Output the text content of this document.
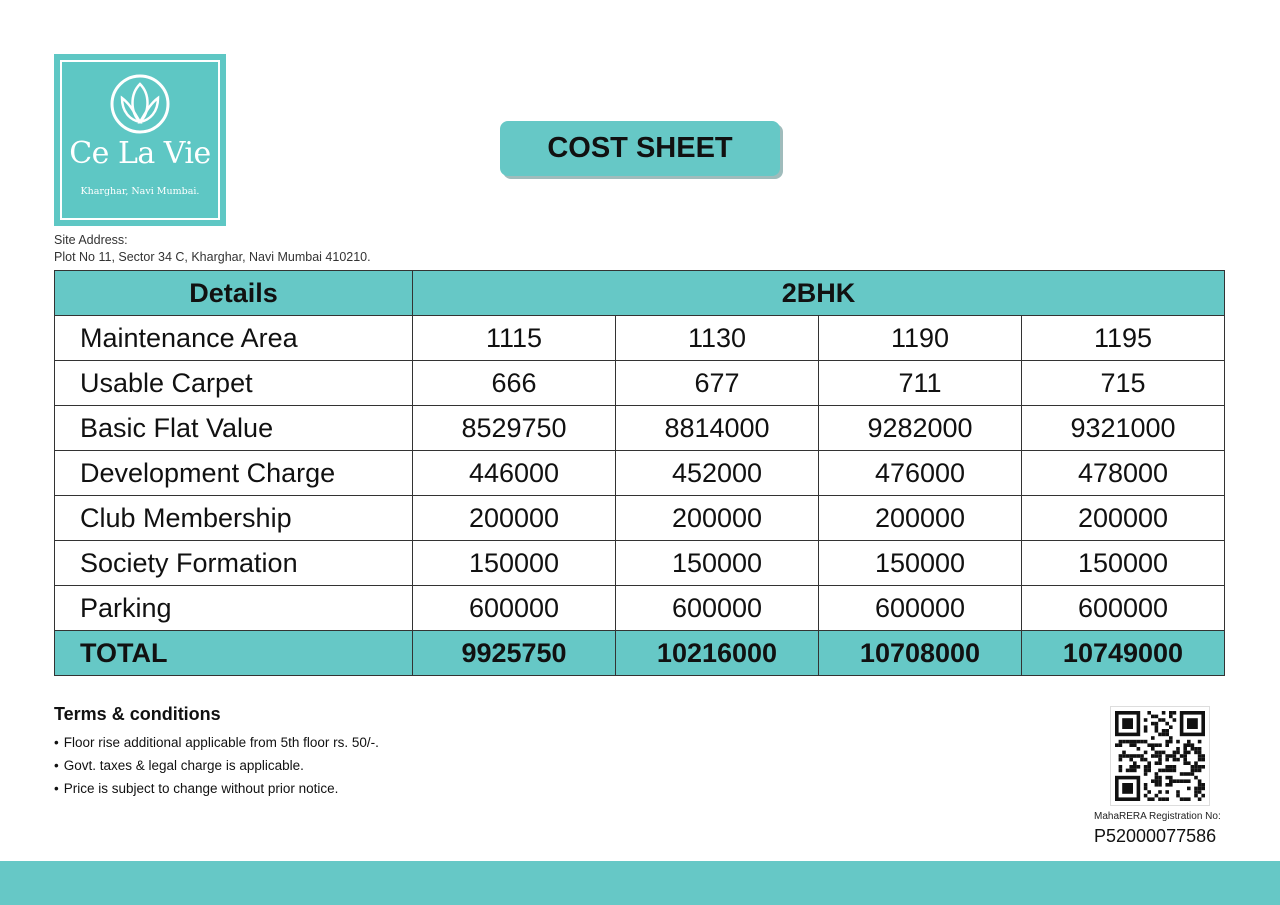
Ce La Vie
Kharghar, Navi Mumbai.
COST SHEET
Site Address:
Plot No 11, Sector 34 C, Kharghar, Navi Mumbai 410210.
Details	2BHK			
Maintenance Area	1115	1130	1190	1195
Usable Carpet	666	677	711	715
Basic Flat Value	8529750	8814000	9282000	9321000
Development Charge	446000	452000	476000	478000
Club Membership	200000	200000	200000	200000
Society Formation	150000	150000	150000	150000
Parking	600000	600000	600000	600000
TOTAL	9925750	10216000	10708000	10749000
Terms & conditions
• Floor rise additional applicable from 5th floor rs. 50/-.
• Govt. taxes & legal charge is applicable.
• Price is subject to change without prior notice.
MahaRERA Registration No:
P52000077586
